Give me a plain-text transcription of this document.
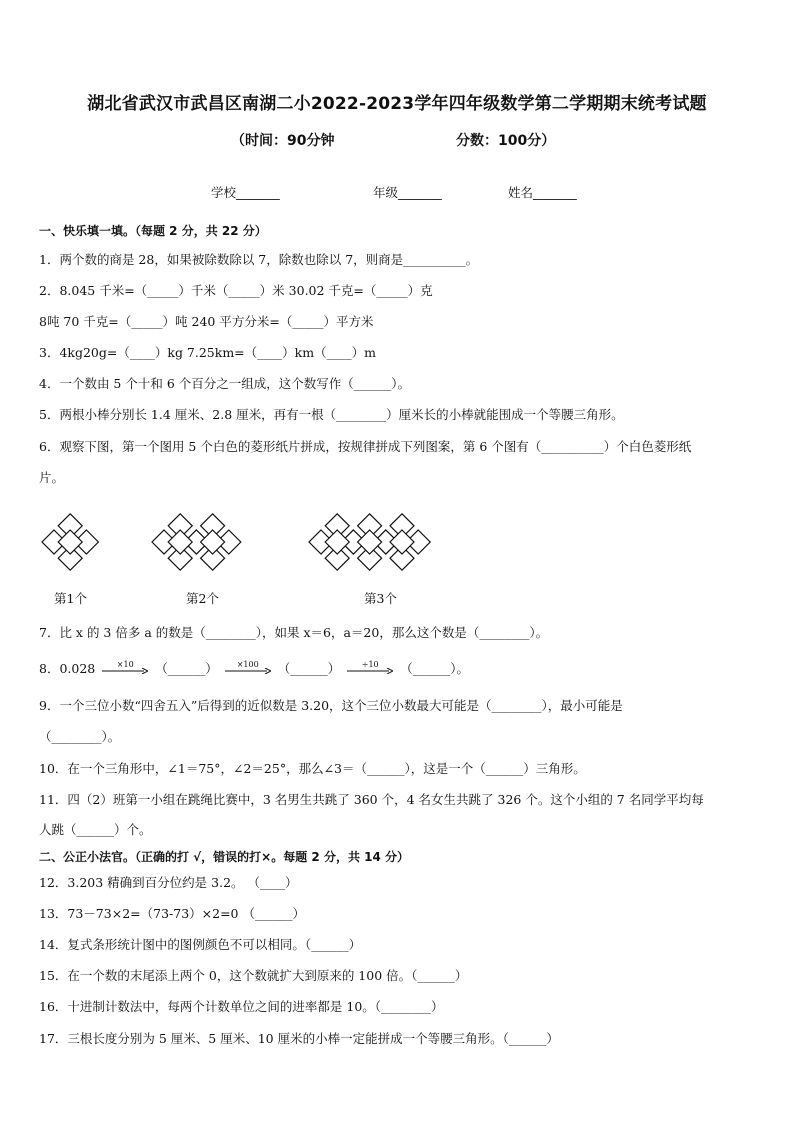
湖北省武汉市武昌区南湖二小2022-2023学年四年级数学第二学期期末统考试题
（时间：90分钟	分数：100分）
学校_______	年级_______	姓名_______
一、快乐填一填。（每题 2 分，共 22 分）
1．两个数的商是 28，如果被除数除以 7，除数也除以 7，则商是__________。
2．8.045 千米=（_____）千米（_____）米 30.02 千克=（_____）克
8吨 70 千克=（_____）吨 240 平方分米=（_____）平方米
3．4kg20g=（____）kg 7.25km=（____）km（____）m
4．一个数由 5 个十和 6 个百分之一组成，这个数写作（______）。
5．两根小棒分别长 1.4 厘米、2.8 厘米，再有一根（________）厘米长的小棒就能围成一个等腰三角形。
6．观察下图，第一个图用 5 个白色的菱形纸片拼成，按规律拼成下列图案，第 6 个图有（__________）个白色菱形纸
片。
第1个	第2个	第3个
7．比 x 的 3 倍多 a 的数是（________），如果 x＝6，a＝20，那么这个数是（________）。
8．0.028	×10	（______）	×100	（______）	÷10	（______）。
9．一个三位小数“四舍五入”后得到的近似数是 3.20，这个三位小数最大可能是（________），最小可能是
（________）。
10．在一个三角形中，∠1＝75°，∠2＝25°，那么∠3＝（______），这是一个（______）三角形。
11．四（2）班第一小组在跳绳比赛中，3 名男生共跳了 360 个，4 名女生共跳了 326 个。这个小组的 7 名同学平均每
人跳（______）个。
二、公正小法官。（正确的打 √，错误的打×。每题 2 分，共 14 分）
12．3.203 精确到百分位约是 3.2。 （____）
13．73－73×2=（73-73）×2=0 （______）
14．复式条形统计图中的图例颜色不可以相同。（______）
15．在一个数的末尾添上两个 0，这个数就扩大到原来的 100 倍。（______）
16．十进制计数法中，每两个计数单位之间的进率都是 10。（________）
17．三根长度分别为 5 厘米、5 厘米、10 厘米的小棒一定能拼成一个等腰三角形。（______）
